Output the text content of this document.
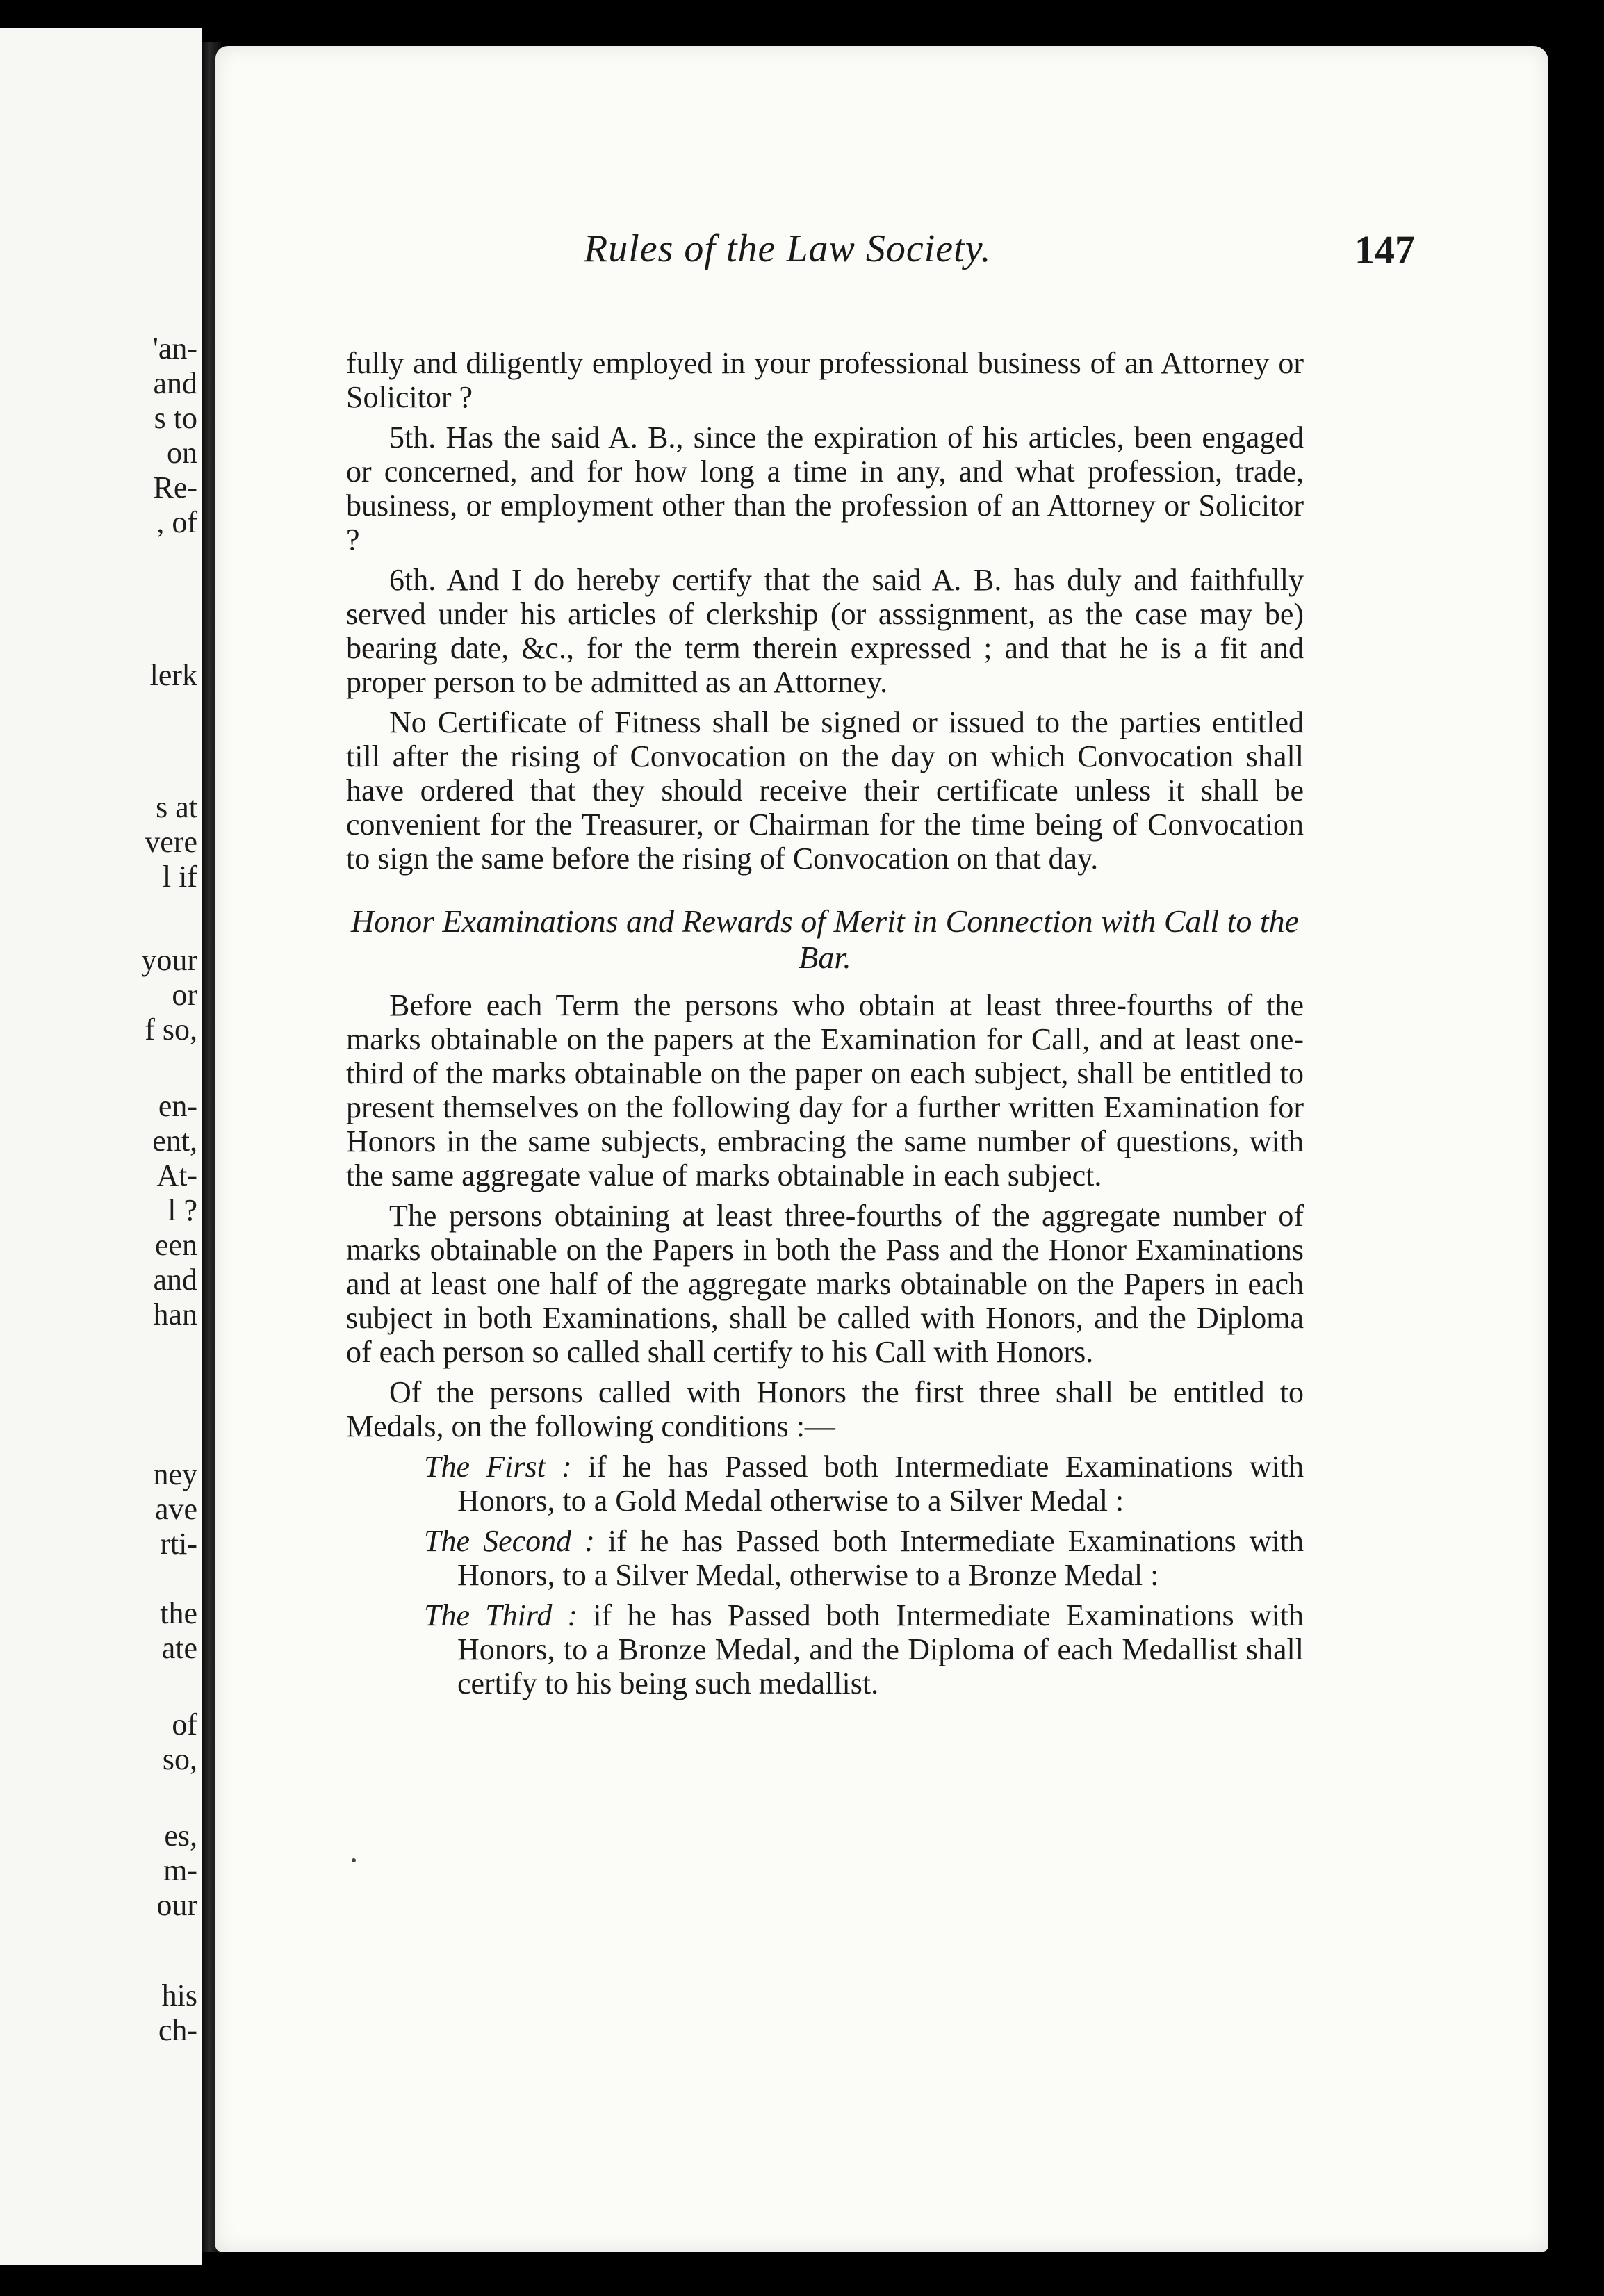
'an-
and
s to
on
Re-
, of
lerk
s at
vere
l if
your
or
f so,
en-
ent,
At-
l ?
een
and
han
ney
ave
rti-
the
ate
of
so,
es,
m-
our
his
ch-
Rules of the Law Society.	147

fully and diligently employed in your professional business of an Attorney or Solicitor ?

5th. Has the said A. B., since the expiration of his articles, been engaged or concerned, and for how long a time in any, and what profession, trade, business, or employment other than the profession of an Attorney or Solicitor ?

6th. And I do hereby certify that the said A. B. has duly and faithfully served under his articles of clerkship (or asssignment, as the case may be) bearing date, &c., for the term therein expressed ; and that he is a fit and proper person to be admitted as an Attorney.

No Certificate of Fitness shall be signed or issued to the parties entitled till after the rising of Convocation on the day on which Convocation shall have ordered that they should receive their certificate unless it shall be convenient for the Treasurer, or Chairman for the time being of Convocation to sign the same before the rising of Convocation on that day.

Honor Examinations and Rewards of Merit in Connection with Call to the Bar.

Before each Term the persons who obtain at least three-fourths of the marks obtainable on the papers at the Examination for Call, and at least one-third of the marks obtainable on the paper on each subject, shall be entitled to present themselves on the following day for a further written Examination for Honors in the same subjects, embracing the same number of questions, with the same aggregate value of marks obtainable in each subject.

The persons obtaining at least three-fourths of the aggregate number of marks obtainable on the Papers in both the Pass and the Honor Examinations and at least one half of the aggregate marks obtainable on the Papers in each subject in both Examinations, shall be called with Honors, and the Diploma of each person so called shall certify to his Call with Honors.

Of the persons called with Honors the first three shall be entitled to Medals, on the following conditions :—

The First : if he has Passed both Intermediate Examinations with Honors, to a Gold Medal otherwise to a Silver Medal :

The Second : if he has Passed both Intermediate Examinations with Honors, to a Silver Medal, otherwise to a Bronze Medal :

The Third : if he has Passed both Intermediate Examinations with Honors, to a Bronze Medal, and the Diploma of each Medallist shall certify to his being such medallist.
